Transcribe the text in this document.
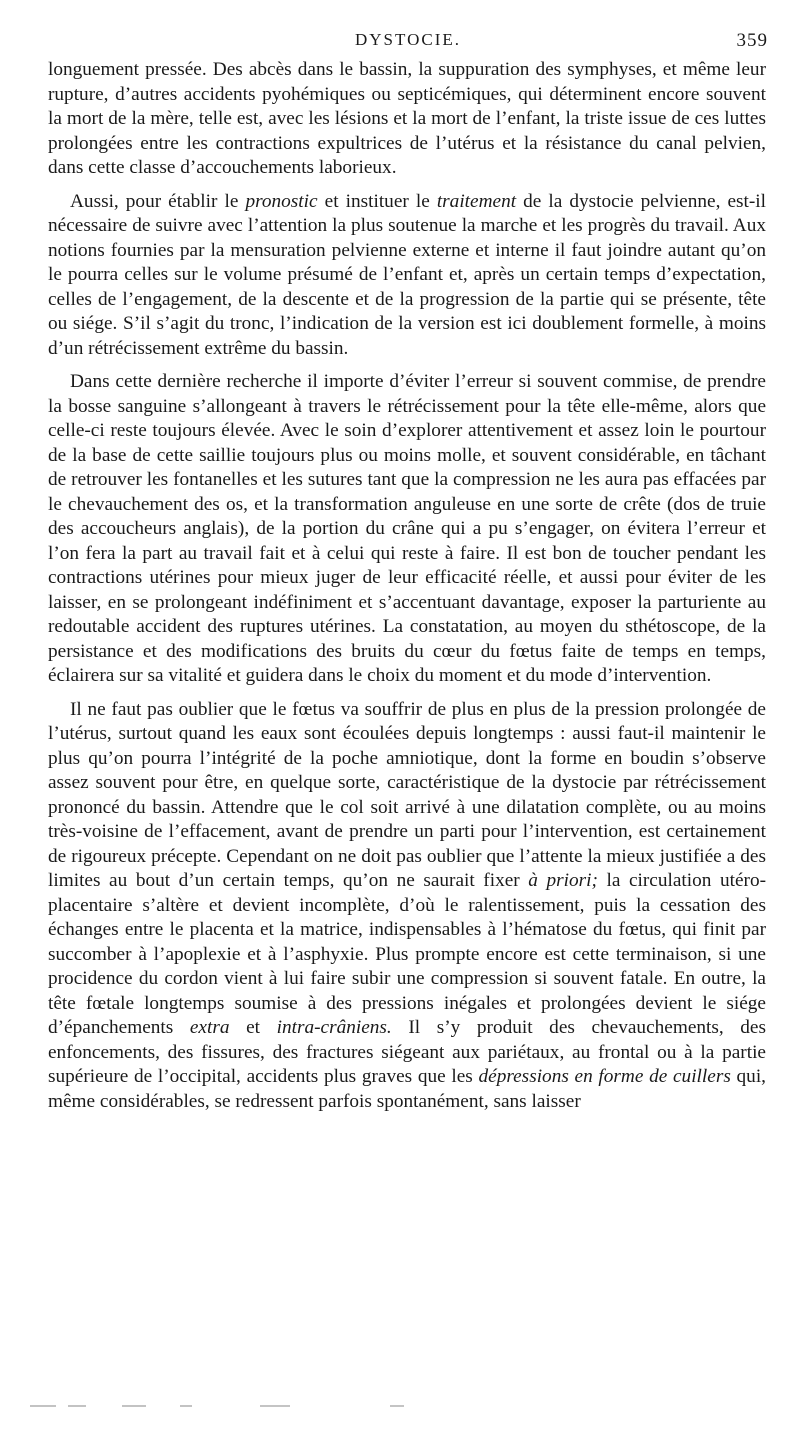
DYSTOCIE.	359

longuement pressée. Des abcès dans le bassin, la suppuration des symphyses, et même leur rupture, d’autres accidents pyohémiques ou septicémiques, qui déterminent encore souvent la mort de la mère, telle est, avec les lésions et la mort de l’enfant, la triste issue de ces luttes prolongées entre les contractions expultrices de l’utérus et la résistance du canal pelvien, dans cette classe d’accouchements laborieux.

Aussi, pour établir le pronostic et instituer le traitement de la dystocie pelvienne, est-il nécessaire de suivre avec l’attention la plus soutenue la marche et les progrès du travail. Aux notions fournies par la mensuration pelvienne externe et interne il faut joindre autant qu’on le pourra celles sur le volume présumé de l’enfant et, après un certain temps d’expectation, celles de l’engagement, de la descente et de la progression de la partie qui se présente, tête ou siége. S’il s’agit du tronc, l’indication de la version est ici doublement formelle, à moins d’un rétrécissement extrême du bassin.

Dans cette dernière recherche il importe d’éviter l’erreur si souvent commise, de prendre la bosse sanguine s’allongeant à travers le rétrécissement pour la tête elle-même, alors que celle-ci reste toujours élevée. Avec le soin d’explorer attentivement et assez loin le pourtour de la base de cette saillie toujours plus ou moins molle, et souvent considérable, en tâchant de retrouver les fontanelles et les sutures tant que la compression ne les aura pas effacées par le chevauchement des os, et la transformation anguleuse en une sorte de crête (dos de truie des accoucheurs anglais), de la portion du crâne qui a pu s’engager, on évitera l’erreur et l’on fera la part au travail fait et à celui qui reste à faire. Il est bon de toucher pendant les contractions utérines pour mieux juger de leur efficacité réelle, et aussi pour éviter de les laisser, en se prolongeant indéfiniment et s’accentuant davantage, exposer la parturiente au redoutable accident des ruptures utérines. La constatation, au moyen du sthétoscope, de la persistance et des modifications des bruits du cœur du fœtus faite de temps en temps, éclairera sur sa vitalité et guidera dans le choix du moment et du mode d’intervention.

Il ne faut pas oublier que le fœtus va souffrir de plus en plus de la pression prolongée de l’utérus, surtout quand les eaux sont écoulées depuis longtemps : aussi faut-il maintenir le plus qu’on pourra l’intégrité de la poche amniotique, dont la forme en boudin s’observe assez souvent pour être, en quelque sorte, caractéristique de la dystocie par rétrécissement prononcé du bassin. Attendre que le col soit arrivé à une dilatation complète, ou au moins très-voisine de l’effacement, avant de prendre un parti pour l’intervention, est certainement de rigoureux précepte. Cependant on ne doit pas oublier que l’attente la mieux justifiée a des limites au bout d’un certain temps, qu’on ne saurait fixer à priori; la circulation utéro-placentaire s’altère et devient incomplète, d’où le ralentissement, puis la cessation des échanges entre le placenta et la matrice, indispensables à l’hématose du fœtus, qui finit par succomber à l’apoplexie et à l’asphyxie. Plus prompte encore est cette terminaison, si une procidence du cordon vient à lui faire subir une compression si souvent fatale. En outre, la tête fœtale longtemps soumise à des pressions inégales et prolongées devient le siége d’épanchements extra et intra-crâniens. Il s’y produit des chevauchements, des enfoncements, des fissures, des fractures siégeant aux pariétaux, au frontal ou à la partie supérieure de l’occipital, accidents plus graves que les dépressions en forme de cuillers qui, même considérables, se redressent parfois spontanément, sans laisser
